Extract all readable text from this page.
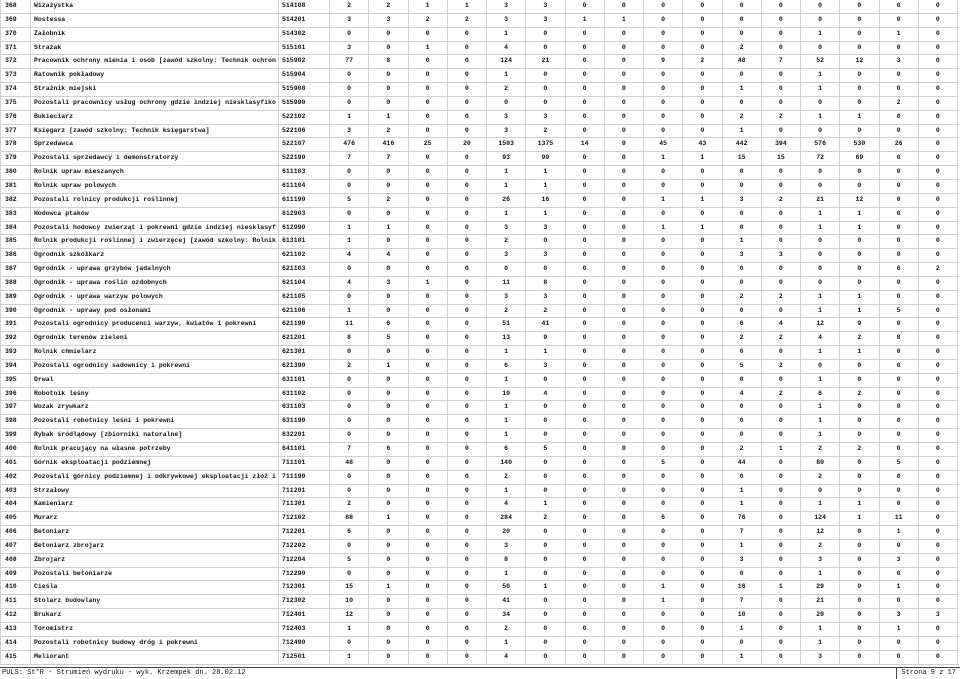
368	Wizażystka	514108	2	2	1	1	3	3	0	0	0	0	0	0	0	0	0	0
369	Hostessa	514201	3	3	2	2	3	3	1	1	0	0	0	0	0	0	0	0
370	Żałobnik	514302	0	0	0	0	1	0	0	0	0	0	0	0	1	0	1	0
371	Strażak	515101	3	0	1	0	4	0	0	0	0	0	2	0	0	0	0	0
372	Pracownik ochrony mienia i osób [zawód szkolny: Technik ochron 515902	77	8	0	0	124	21	0	0	9	2	48	7	52	12	3	0
373	Ratownik pokładowy	515904	0	0	0	0	1	0	0	0	0	0	0	0	1	0	0	0
374	Strażnik miejski	515908	0	0	0	0	2	0	0	0	0	0	1	0	1	0	0	0
375	Pozostali pracownicy usług ochrony gdzie indziej niesklasyfiko 515990	0	0	0	0	0	0	0	0	0	0	0	0	0	0	2	0
376	Bukieciarz	522102	1	1	0	0	3	3	0	0	0	0	2	2	1	1	0	0
377	Księgarz [zawód szkolny: Technik księgarstwa]	522106	3	2	0	0	3	2	0	0	0	0	1	0	0	0	0	0
378	Sprzedawca	522107	476	416	25	20	1503	1375	14	9	45	43	442	394	576	530	26	0
379	Pozostali sprzedawcy i demonstratorzy	522190	7	7	0	0	93	90	0	0	1	1	15	15	72	69	0	0
380	Rolnik upraw mieszanych	611103	0	0	0	0	1	1	0	0	0	0	0	0	0	0	0	0
381	Rolnik upraw polowych	611104	0	0	0	0	1	1	0	0	0	0	0	0	0	0	0	0
382	Pozostali rolnicy produkcji roślinnej	611190	5	2	0	0	26	16	0	0	1	1	3	2	21	12	0	0
383	Hodowca ptaków	612903	0	0	0	0	1	1	0	0	0	0	0	0	1	1	0	0
384	Pozostali hodowcy zwierząt i pokrewni gdzie indziej niesklasyf 612990	1	1	0	0	3	3	0	0	1	1	0	0	1	1	0	0
385	Rolnik produkcji roślinnej i zwierzęcej [zawód szkolny: Rolnik 613101	1	0	0	0	2	0	0	0	0	0	1	0	0	0	0	0
386	Ogrodnik szkółkarz	621102	4	4	0	0	3	3	0	0	0	0	3	3	0	0	0	0
387	Ogrodnik - uprawa grzybów jadalnych	621103	0	0	0	0	0	0	0	0	0	0	0	0	0	0	6	2
388	Ogrodnik - uprawa roślin ozdobnych	621104	4	3	1	0	11	8	0	0	0	0	0	0	0	0	0	0
389	Ogrodnik - uprawa warzyw polowych	621105	0	0	0	0	3	3	0	0	0	0	2	2	1	1	0	0
390	Ogrodnik - uprawy pod osłonami	621106	1	0	0	0	2	2	0	0	0	0	0	0	1	1	5	0
391	Pozostali ogrodnicy producenci warzyw, kwiatów i pokrewni	621190	11	6	0	0	51	41	0	0	0	0	6	4	12	9	0	0
392	Ogrodnik terenów zieleni	621201	8	5	0	0	13	9	0	0	0	0	2	2	4	2	8	0
393	Rolnik chmielarz	621301	0	0	0	0	1	1	0	0	0	0	0	0	1	1	0	0
394	Pozostali ogrodnicy sadownicy i pokrewni	621390	2	1	0	0	6	3	0	0	0	0	5	2	0	0	0	0
395	Drwal	631101	0	0	0	0	1	0	0	0	0	0	0	0	1	0	0	0
396	Robotnik leśny	631102	0	0	0	0	10	4	0	0	0	0	4	2	6	2	0	0
397	Wozak zrywkarz	631103	0	0	0	0	1	0	0	0	0	0	0	0	1	0	0	0
398	Pozostali robotnicy leśni i pokrewni	631190	0	0	0	0	1	0	0	0	0	0	0	0	1	0	0	0
399	Rybak śródlądowy [zbiorniki naturalne]	632201	0	0	0	0	1	0	0	0	0	0	0	0	1	0	0	0
400	Rolnik pracujący na własne potrzeby	641101	7	6	0	0	6	5	0	0	0	0	2	1	2	2	0	0
401	Górnik eksploatacji podziemnej	711101	48	0	0	0	140	0	0	0	5	0	44	0	80	0	5	0
402	Pozostali górnicy podziemnej i odkrywkowej eksploatacji złóż i 711190	0	0	0	0	2	0	0	0	0	0	0	0	2	0	0	0
403	Strzałowy	711201	0	0	0	0	1	0	0	0	0	0	1	0	0	0	0	0
404	Kamieniarz	711301	2	0	0	0	4	1	0	0	0	0	1	0	1	1	0	0
405	Murarz	712102	88	1	0	0	284	2	0	0	6	0	76	0	124	1	11	0
406	Betoniarz	712201	6	0	0	0	20	0	0	0	0	0	7	0	12	0	1	0
407	Betoniarz zbrojarz	712202	0	0	0	0	3	0	0	0	0	0	1	0	2	0	0	0
408	Zbrojarz	712204	5	0	0	0	8	0	0	0	0	0	3	0	3	0	3	0
409	Pozostali betoniarze	712290	0	0	0	0	1	0	0	0	0	0	0	0	1	0	0	0
410	Cieśla	712301	15	1	0	0	50	1	0	0	1	0	16	1	29	0	1	0
411	Stolarz budowlany	712302	10	0	0	0	41	0	0	0	1	0	7	0	21	0	0	0
412	Brukarz	712401	12	0	0	0	34	0	0	0	0	0	10	0	20	0	3	3
413	Toromistrz	712403	1	0	0	0	2	0	0	0	0	0	1	0	1	0	1	0
414	Pozostali robotnicy budowy dróg i pokrewni	712490	0	0	0	0	1	0	0	0	0	0	0	0	1	0	0	0
415	Meliorant	712501	1	0	0	0	4	0	0	0	0	0	1	0	3	0	0	0
PULS: St*R - Strumień wydruku - wyk. Krzempek dn. 28.02.12	Strona 9 z 17
